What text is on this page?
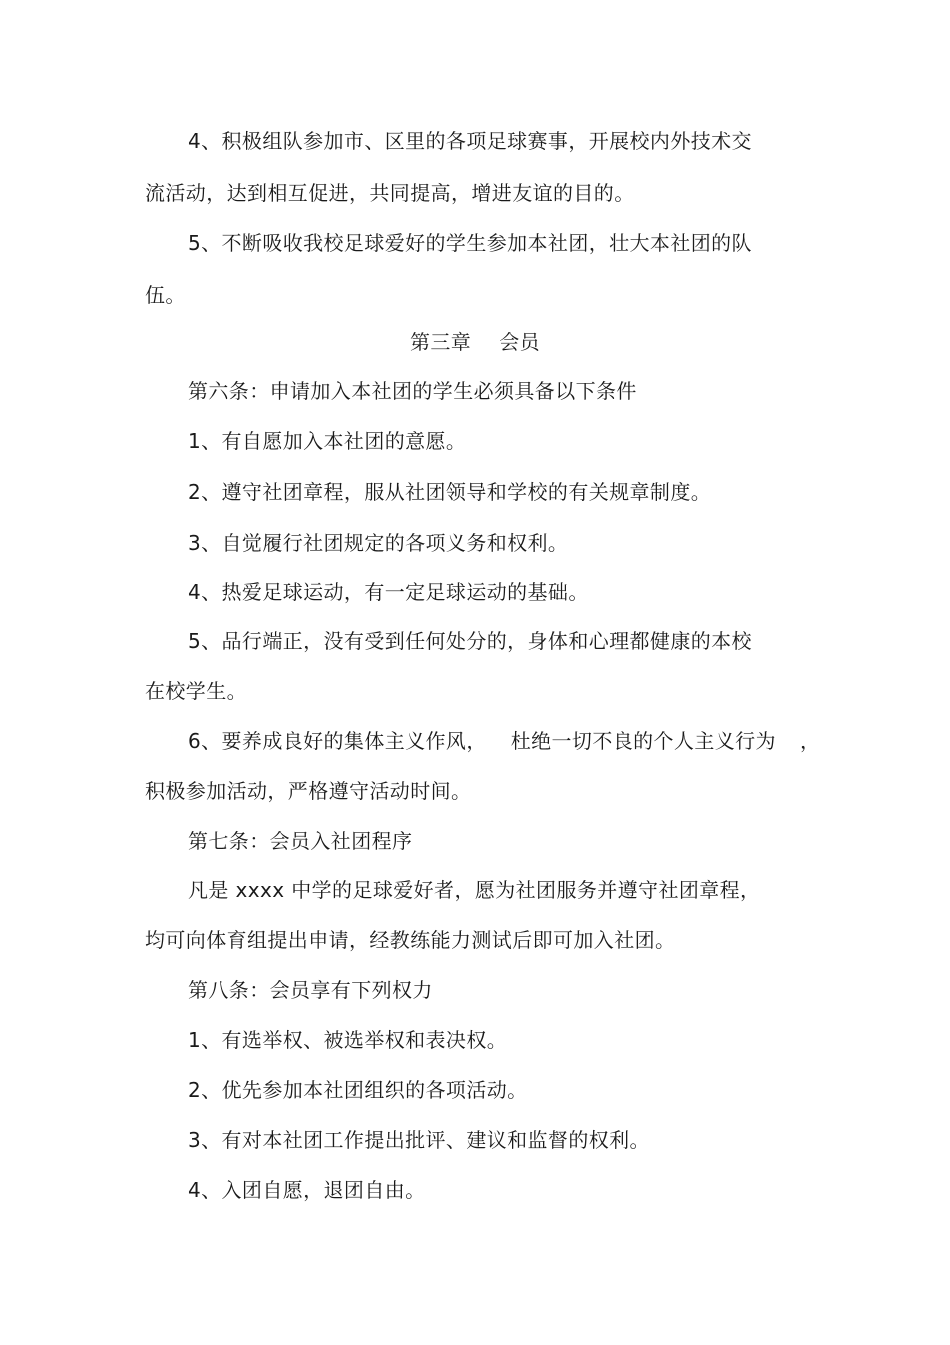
4、积极组队参加市、区里的各项足球赛事，开展校内外技术交
流活动，达到相互促进，共同提高，增进友谊的目的。
5、不断吸收我校足球爱好的学生参加本社团，壮大本社团的队
伍。
第三章 会员
第六条：申请加入本社团的学生必须具备以下条件
1、有自愿加入本社团的意愿。
2、遵守社团章程，服从社团领导和学校的有关规章制度。
3、自觉履行社团规定的各项义务和权利。
4、热爱足球运动，有一定足球运动的基础。
5、品行端正，没有受到任何处分的，身体和心理都健康的本校
在校学生。
6、要养成良好的集体主义作风， 杜绝一切不良的个人主义行为 ，
积极参加活动，严格遵守活动时间。
第七条：会员入社团程序
凡是 xxxx 中学的足球爱好者，愿为社团服务并遵守社团章程，
均可向体育组提出申请，经教练能力测试后即可加入社团。
第八条：会员享有下列权力
1、有选举权、被选举权和表决权。
2、优先参加本社团组织的各项活动。
3、有对本社团工作提出批评、建议和监督的权利。
4、入团自愿，退团自由。
